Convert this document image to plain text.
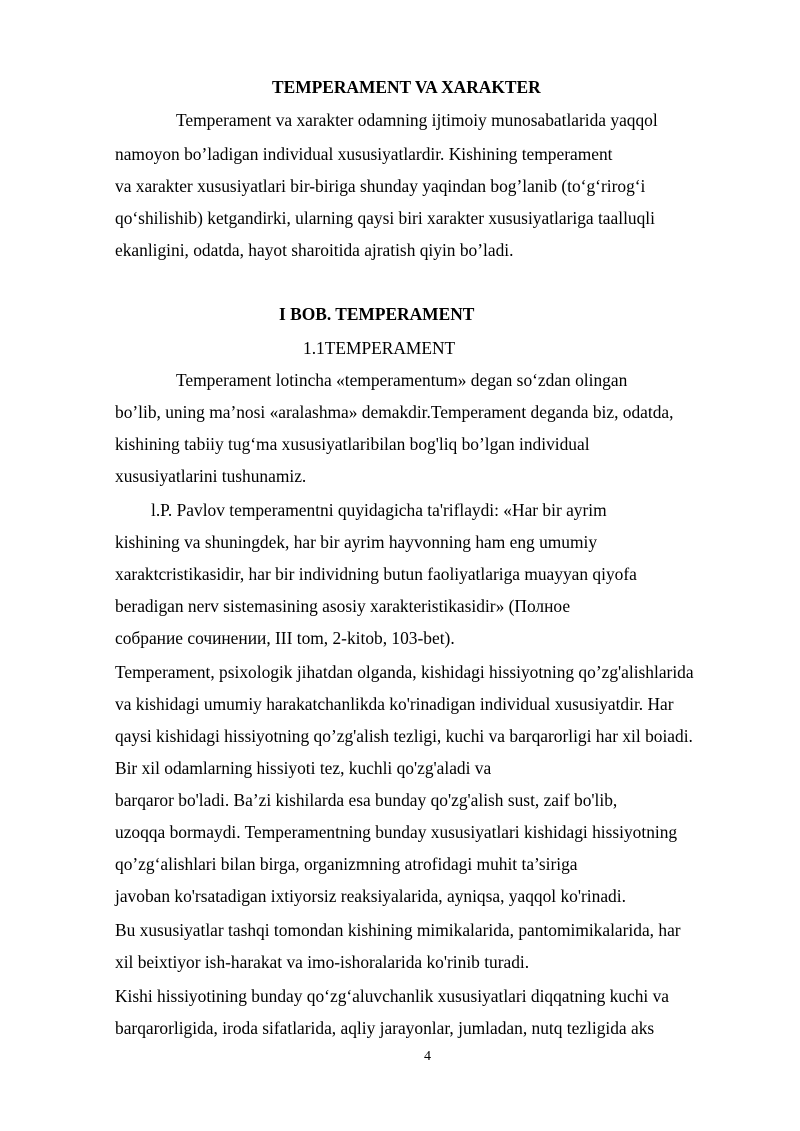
TEMPERAMENT VA XARAKTER
Temperament va xarakter odamning ijtimoiy munosabatlarida yaqqol
namoyon bo’ladigan individual xususiyatlardir. Kishining temperament
va xarakter xususiyatlari bir-biriga shunday yaqindan bog’lanib (to‘g‘rirog‘i
qo‘shilishib) ketgandirki, ularning qaysi biri xarakter xususiyatlariga taalluqli
ekanligini, odatda, hayot sharoitida ajratish qiyin bo’ladi.
I BOB. TEMPERAMENT
1.1TEMPERAMENT
Temperament lotincha «temperamentum» degan so‘zdan olingan
bo’lib, uning ma’nosi «aralashma» demakdir.Temperament deganda biz, odatda,
kishining tabiiy tug‘ma xususiyatlaribilan bog'liq bo’lgan individual
xususiyatlarini tushunamiz.
l.P. Pavlov temperamentni quyidagicha ta'riflaydi: «Har bir ayrim
kishining va shuningdek, har bir ayrim hayvonning ham eng umumiy
xaraktcristikasidir, har bir individning butun faoliyatlariga muayyan qiyofa
beradigan nerv sistemasining asosiy xarakteristikasidir» (Полное
собрание сочинении, III tom, 2-kitob, 103-bet).
Temperament, psixologik jihatdan olganda, kishidagi hissiyotning qo’zg'alishlarida
va kishidagi umumiy harakatchanlikda ko'rinadigan individual xususiyatdir. Har
qaysi kishidagi hissiyotning qo’zg'alish tezligi, kuchi va barqarorligi har xil boiadi.
Bir xil odamlarning hissiyoti tez, kuchli qo'zg'aladi va
barqaror bo'ladi. Ba’zi kishilarda esa bunday qo'zg'alish sust, zaif bo'lib,
uzoqqa bormaydi. Temperamentning bunday xususiyatlari kishidagi hissiyotning
qo’zg‘alishlari bilan birga, organizmning atrofidagi muhit ta’siriga
javoban ko'rsatadigan ixtiyorsiz reaksiyalarida, ayniqsa, yaqqol ko'rinadi.
Bu xususiyatlar tashqi tomondan kishining mimikalarida, pantomimikalarida, har
xil beixtiyor ish-harakat va imo-ishoralarida ko'rinib turadi.
Kishi hissiyotining bunday qo‘zg‘aluvchanlik xususiyatlari diqqatning kuchi va
barqarorligida, iroda sifatlarida, aqliy jarayonlar, jumladan, nutq tezligida aks
4
